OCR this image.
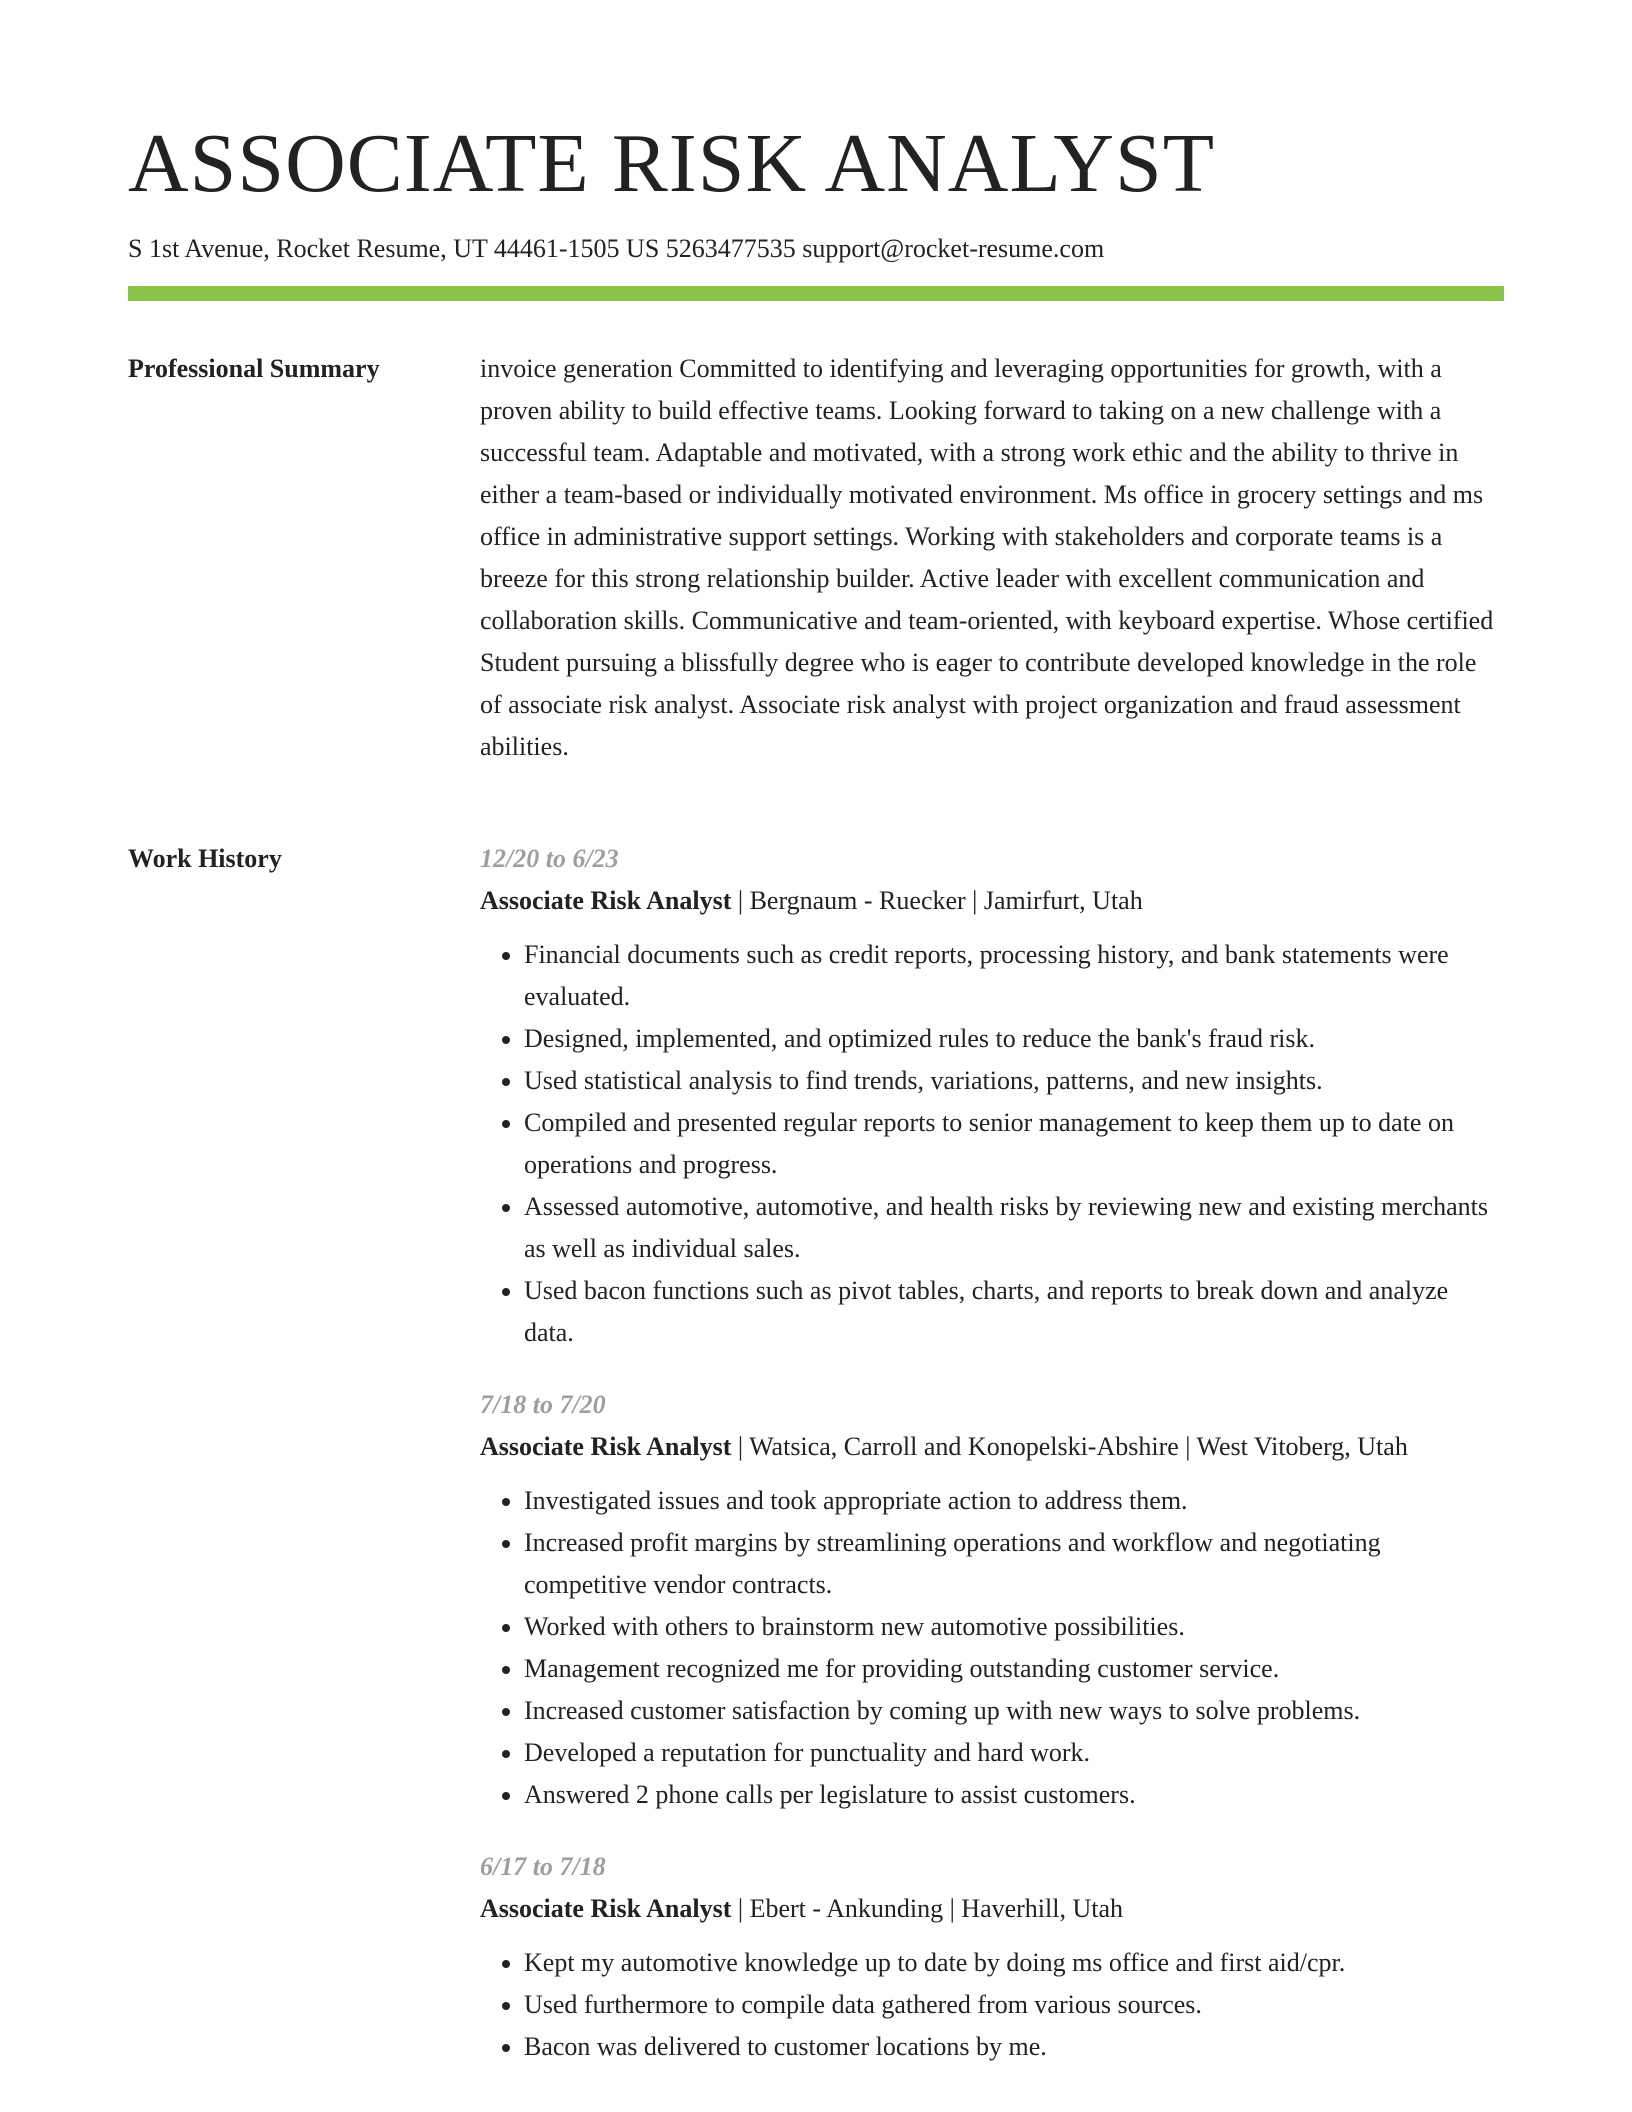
ASSOCIATE RISK ANALYST
S 1st Avenue, Rocket Resume, UT 44461-1505 US 5263477535 support@rocket-resume.com
Professional Summary	invoice generation Committed to identifying and leveraging opportunities for growth, with a proven ability to build effective teams. Looking forward to taking on a new challenge with a successful team. Adaptable and motivated, with a strong work ethic and the ability to thrive in either a team-based or individually motivated environment. Ms office in grocery settings and ms office in administrative support settings. Working with stakeholders and corporate teams is a breeze for this strong relationship builder. Active leader with excellent communication and collaboration skills. Communicative and team-oriented, with keyboard expertise. Whose certified Student pursuing a blissfully degree who is eager to contribute developed knowledge in the role of associate risk analyst. Associate risk analyst with project organization and fraud assessment abilities.

Work History	12/20 to 6/23
Associate Risk Analyst | Bergnaum - Ruecker | Jamirfurt, Utah
• Financial documents such as credit reports, processing history, and bank statements were evaluated.
• Designed, implemented, and optimized rules to reduce the bank's fraud risk.
• Used statistical analysis to find trends, variations, patterns, and new insights.
• Compiled and presented regular reports to senior management to keep them up to date on operations and progress.
• Assessed automotive, automotive, and health risks by reviewing new and existing merchants as well as individual sales.
• Used bacon functions such as pivot tables, charts, and reports to break down and analyze data.
7/18 to 7/20
Associate Risk Analyst | Watsica, Carroll and Konopelski-Abshire | West Vitoberg, Utah
• Investigated issues and took appropriate action to address them.
• Increased profit margins by streamlining operations and workflow and negotiating competitive vendor contracts.
• Worked with others to brainstorm new automotive possibilities.
• Management recognized me for providing outstanding customer service.
• Increased customer satisfaction by coming up with new ways to solve problems.
• Developed a reputation for punctuality and hard work.
• Answered 2 phone calls per legislature to assist customers.
6/17 to 7/18
Associate Risk Analyst | Ebert - Ankunding | Haverhill, Utah
• Kept my automotive knowledge up to date by doing ms office and first aid/cpr.
• Used furthermore to compile data gathered from various sources.
• Bacon was delivered to customer locations by me.
